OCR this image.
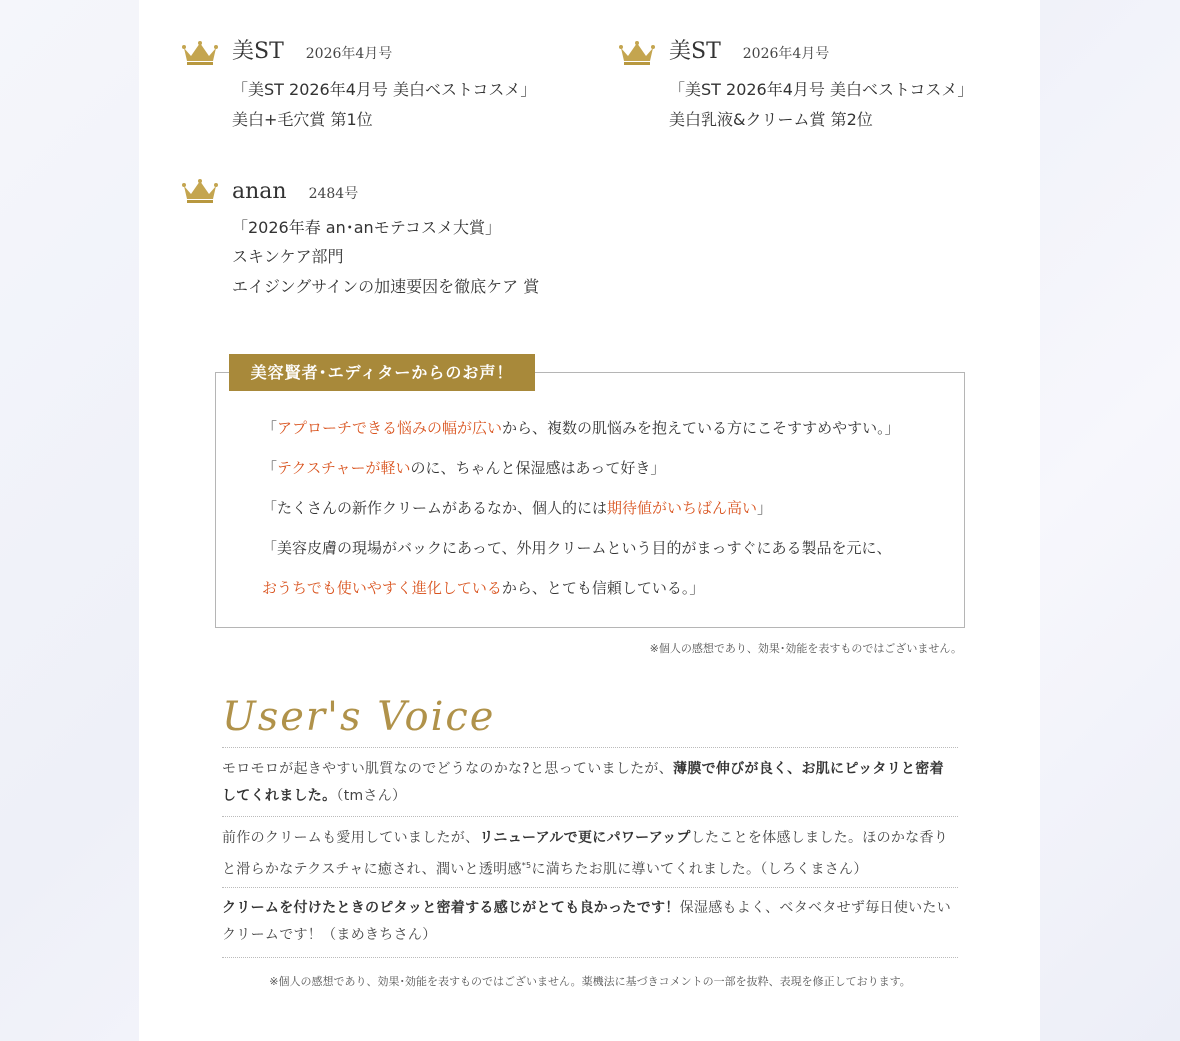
美ST 2026年4月号
「美ST 2026年4月号 美白ベストコスメ」
美白+毛穴賞 第1位
美ST 2026年4月号
「美ST 2026年4月号 美白ベストコスメ」
美白乳液&クリーム賞 第2位
anan 2484号
「2026年春 an･anモテコスメ大賞」
スキンケア部門
エイジングサインの加速要因を徹底ケア 賞
美容賢者･エディターからのお声！
「アプローチできる悩みの幅が広いから、複数の肌悩みを抱えている方にこそすすめやすい。」
「テクスチャーが軽いのに、ちゃんと保湿感はあって好き」
「たくさんの新作クリームがあるなか、個人的には期待値がいちばん高い」
「美容皮膚の現場がバックにあって、外用クリームという目的がまっすぐにある製品を元に、
おうちでも使いやすく進化しているから、とても信頼している。」
※個人の感想であり、効果･効能を表すものではございません。
User's Voice
モロモロが起きやすい肌質なのでどうなのかな?と思っていましたが、薄膜で伸びが良く、お肌にピッタリと密着してくれました。（tmさん）
前作のクリームも愛用していましたが、リニューアルで更にパワーアップしたことを体感しました。ほのかな香りと滑らかなテクスチャに癒され、潤いと透明感$^{*5}$に満ちたお肌に導いてくれました。（しろくまさん）
クリームを付けたときのピタッと密着する感じがとても良かったです！保湿感もよく、ベタベタせず毎日使いたいクリームです！（まめきちさん）
※個人の感想であり、効果･効能を表すものではございません。薬機法に基づきコメントの一部を抜粋、表現を修正しております。
